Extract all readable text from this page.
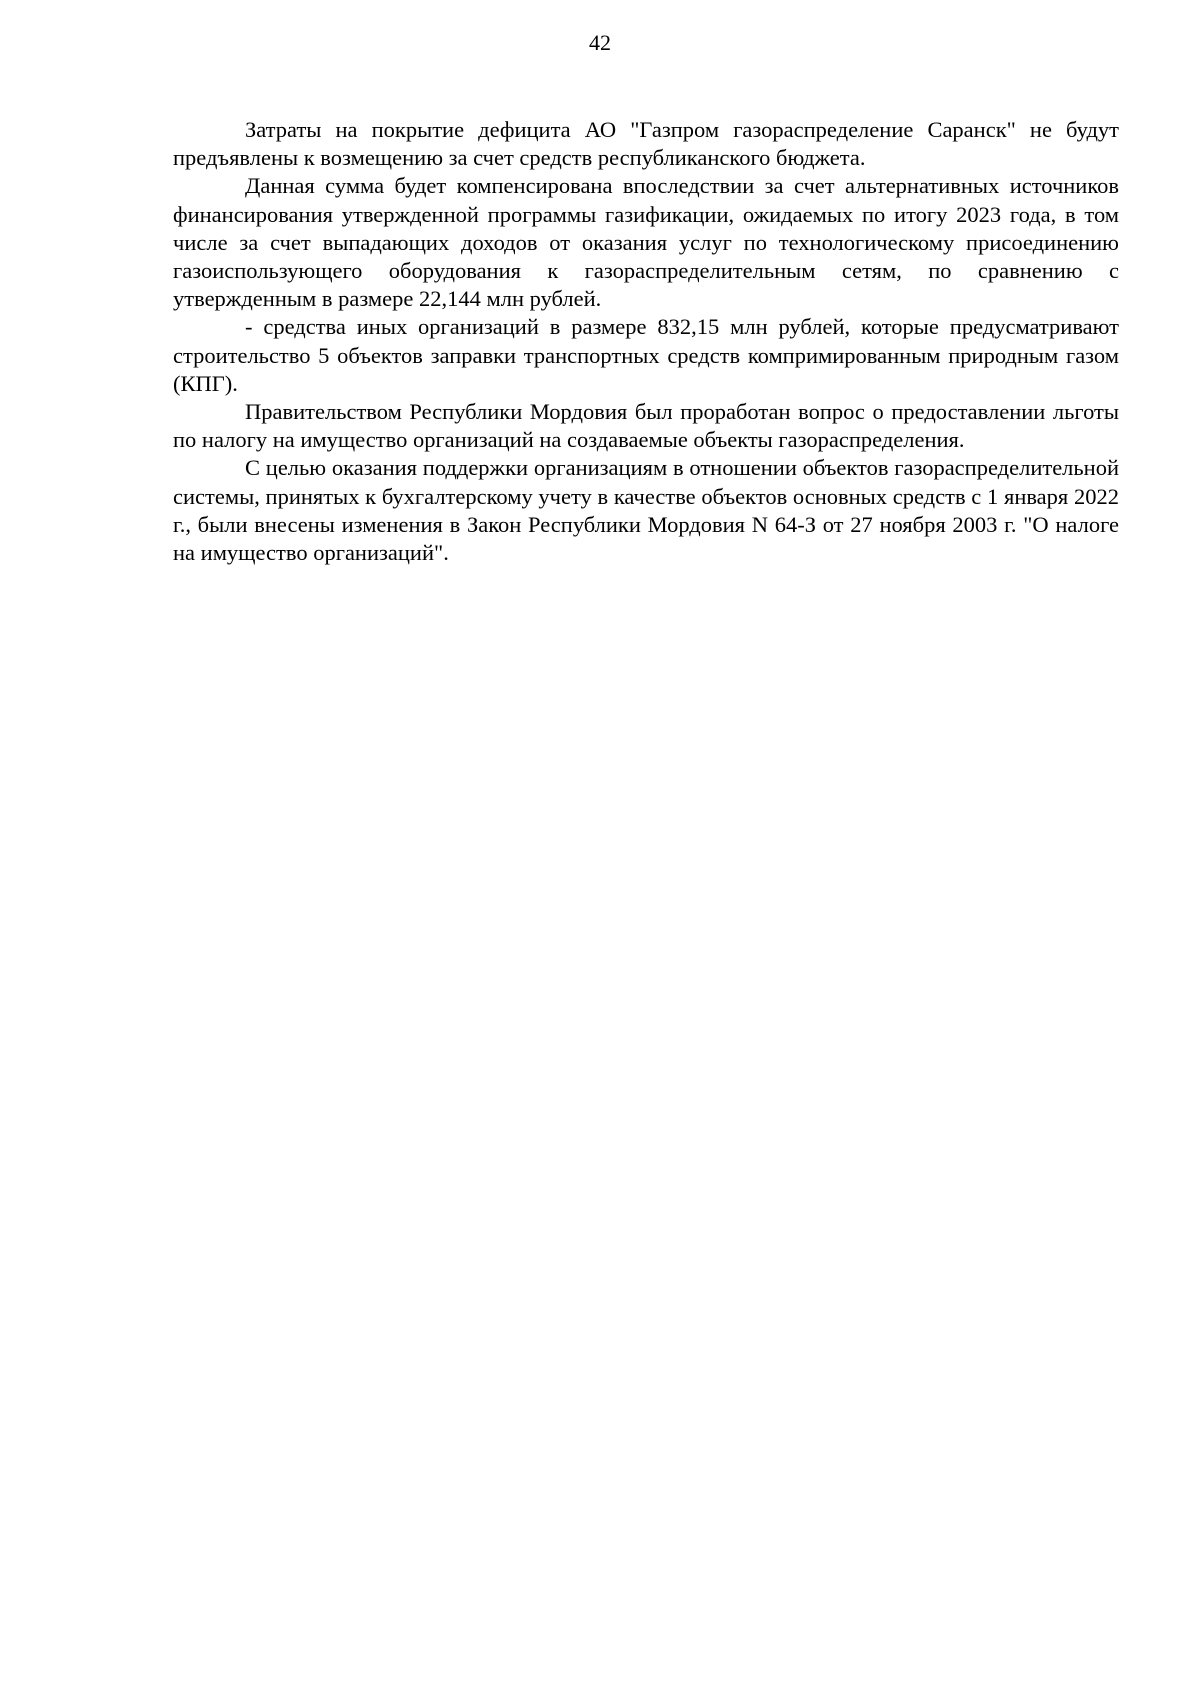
42

Затраты на покрытие дефицита АО "Газпром газораспределение Саранск" не будут предъявлены к возмещению за счет средств республиканского бюджета.

Данная сумма будет компенсирована впоследствии за счет альтернативных источников финансирования утвержденной программы газификации, ожидаемых по итогу 2023 года, в том числе за счет выпадающих доходов от оказания услуг по технологическому присоединению газоиспользующего оборудования к газораспределительным сетям, по сравнению с утвержденным в размере 22,144 млн рублей.

- средства иных организаций в размере 832,15 млн рублей, которые предусматривают строительство 5 объектов заправки транспортных средств компримированным природным газом (КПГ).

Правительством Республики Мордовия был проработан вопрос о предоставлении льготы по налогу на имущество организаций на создаваемые объекты газораспределения.

С целью оказания поддержки организациям в отношении объектов газораспределительной системы, принятых к бухгалтерскому учету в качестве объектов основных средств с 1 января 2022 г., были внесены изменения в Закон Республики Мордовия N 64-З от 27 ноября 2003 г. "О налоге на имущество организаций".
